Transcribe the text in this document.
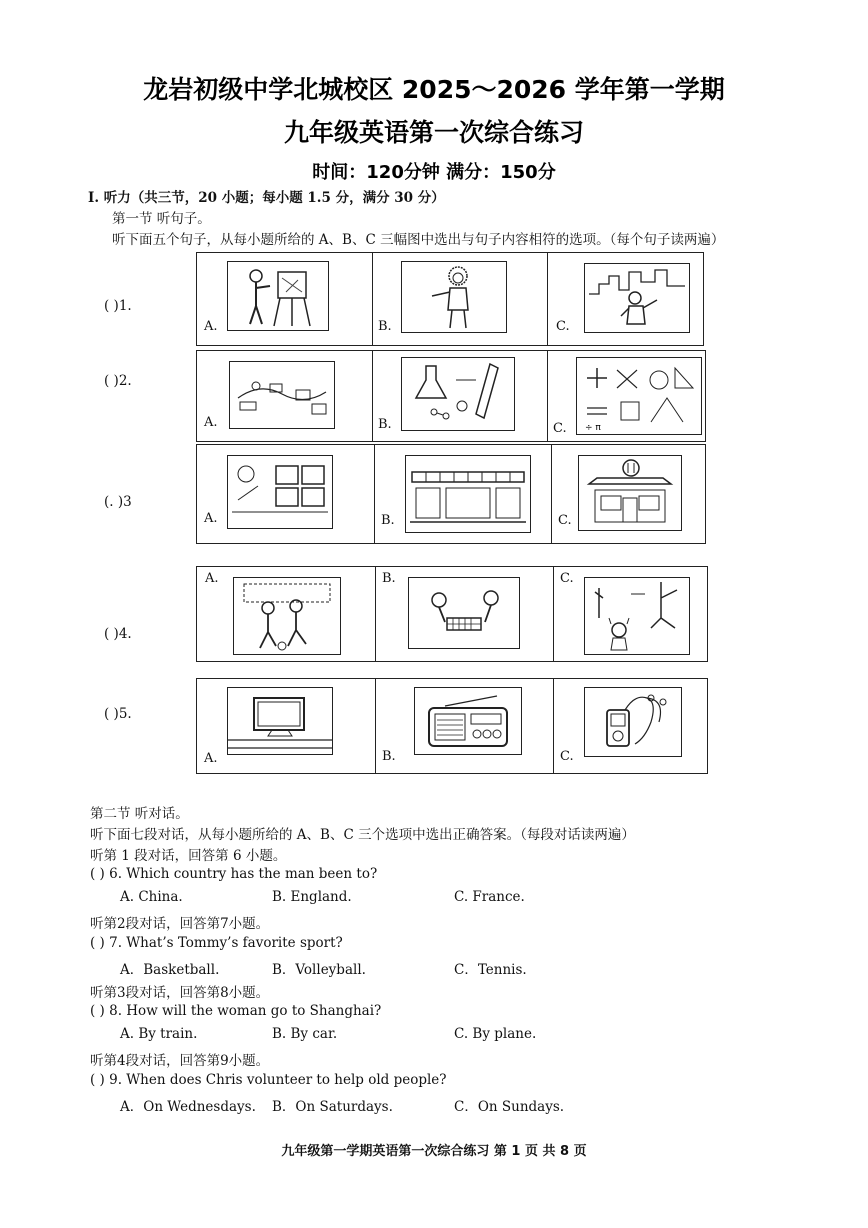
龙岩初级中学北城校区 2025～2026 学年第一学期
九年级英语第一次综合练习
时间：120分钟 满分：150分
I. 听力（共三节，20 小题；每小题 1.5 分，满分 30 分）
第一节 听句子。
听下面五个句子，从每小题所给的 A、B、C 三幅图中选出与句子内容相符的选项。（每个句子读两遍）
( )1.
A.	B.	C.
( )2.
A.	B.	÷ π
C.
(. )3
A.	B.	C.
( )4.
A.	B.	C.
( )5.
A.	B.	C.
第二节 听对话。
听下面七段对话，从每小题所给的 A、B、C 三个选项中选出正确答案。（每段对话读两遍）
听第 1 段对话，回答第 6 小题。
( ) 6. Which country has the man been to?
A. China.	B. England.	C. France.
听第2段对话，回答第7小题。
( ) 7. What’s Tommy’s favorite sport?
A．Basketball.	B．Volleyball.	C．Tennis.
听第3段对话，回答第8小题。
( ) 8. How will the woman go to Shanghai?
A. By train.	B. By car.	C. By plane.
听第4段对话，回答第9小题。
( ) 9. When does Chris volunteer to help old people?
A．On Wednesdays. B．On Saturdays.	C．On Sundays.
九年级第一学期英语第一次综合练习 第 1 页 共 8 页
